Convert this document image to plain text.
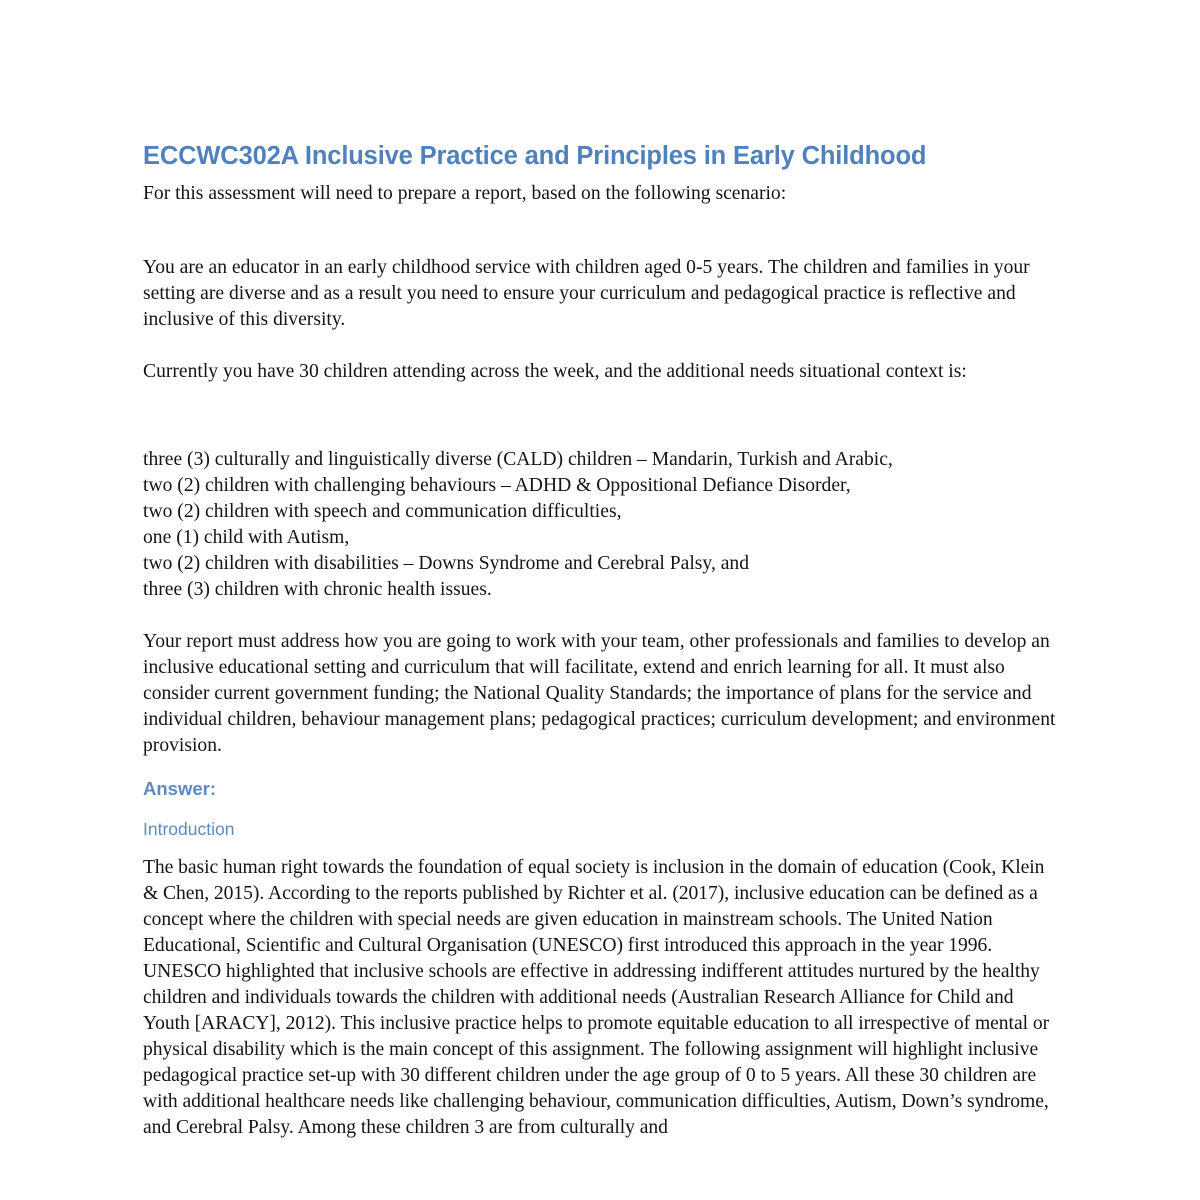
ECCWC302A Inclusive Practice and Principles in Early Childhood

For this assessment will need to prepare a report, based on the following scenario:

You are an educator in an early childhood service with children aged 0-5 years. The children and families in your setting are diverse and as a result you need to ensure your curriculum and pedagogical practice is reflective and inclusive of this diversity.

Currently you have 30 children attending across the week, and the additional needs situational context is:

three (3) culturally and linguistically diverse (CALD) children – Mandarin, Turkish and Arabic,
two (2) children with challenging behaviours – ADHD & Oppositional Defiance Disorder,
two (2) children with speech and communication difficulties,
one (1) child with Autism,
two (2) children with disabilities – Downs Syndrome and Cerebral Palsy, and
three (3) children with chronic health issues.

Your report must address how you are going to work with your team, other professionals and families to develop an inclusive educational setting and curriculum that will facilitate, extend and enrich learning for all. It must also consider current government funding; the National Quality Standards; the importance of plans for the service and individual children, behaviour management plans; pedagogical practices; curriculum development; and environment provision.

Answer:
Introduction

The basic human right towards the foundation of equal society is inclusion in the domain of education (Cook, Klein & Chen, 2015). According to the reports published by Richter et al. (2017), inclusive education can be defined as a concept where the children with special needs are given education in mainstream schools. The United Nation Educational, Scientific and Cultural Organisation (UNESCO) first introduced this approach in the year 1996. UNESCO highlighted that inclusive schools are effective in addressing indifferent attitudes nurtured by the healthy children and individuals towards the children with additional needs (Australian Research Alliance for Child and Youth [ARACY], 2012). This inclusive practice helps to promote equitable education to all irrespective of mental or physical disability which is the main concept of this assignment. The following assignment will highlight inclusive pedagogical practice set-up with 30 different children under the age group of 0 to 5 years. All these 30 children are with additional healthcare needs like challenging behaviour, communication difficulties, Autism, Down’s syndrome, and Cerebral Palsy. Among these children 3 are from culturally and
